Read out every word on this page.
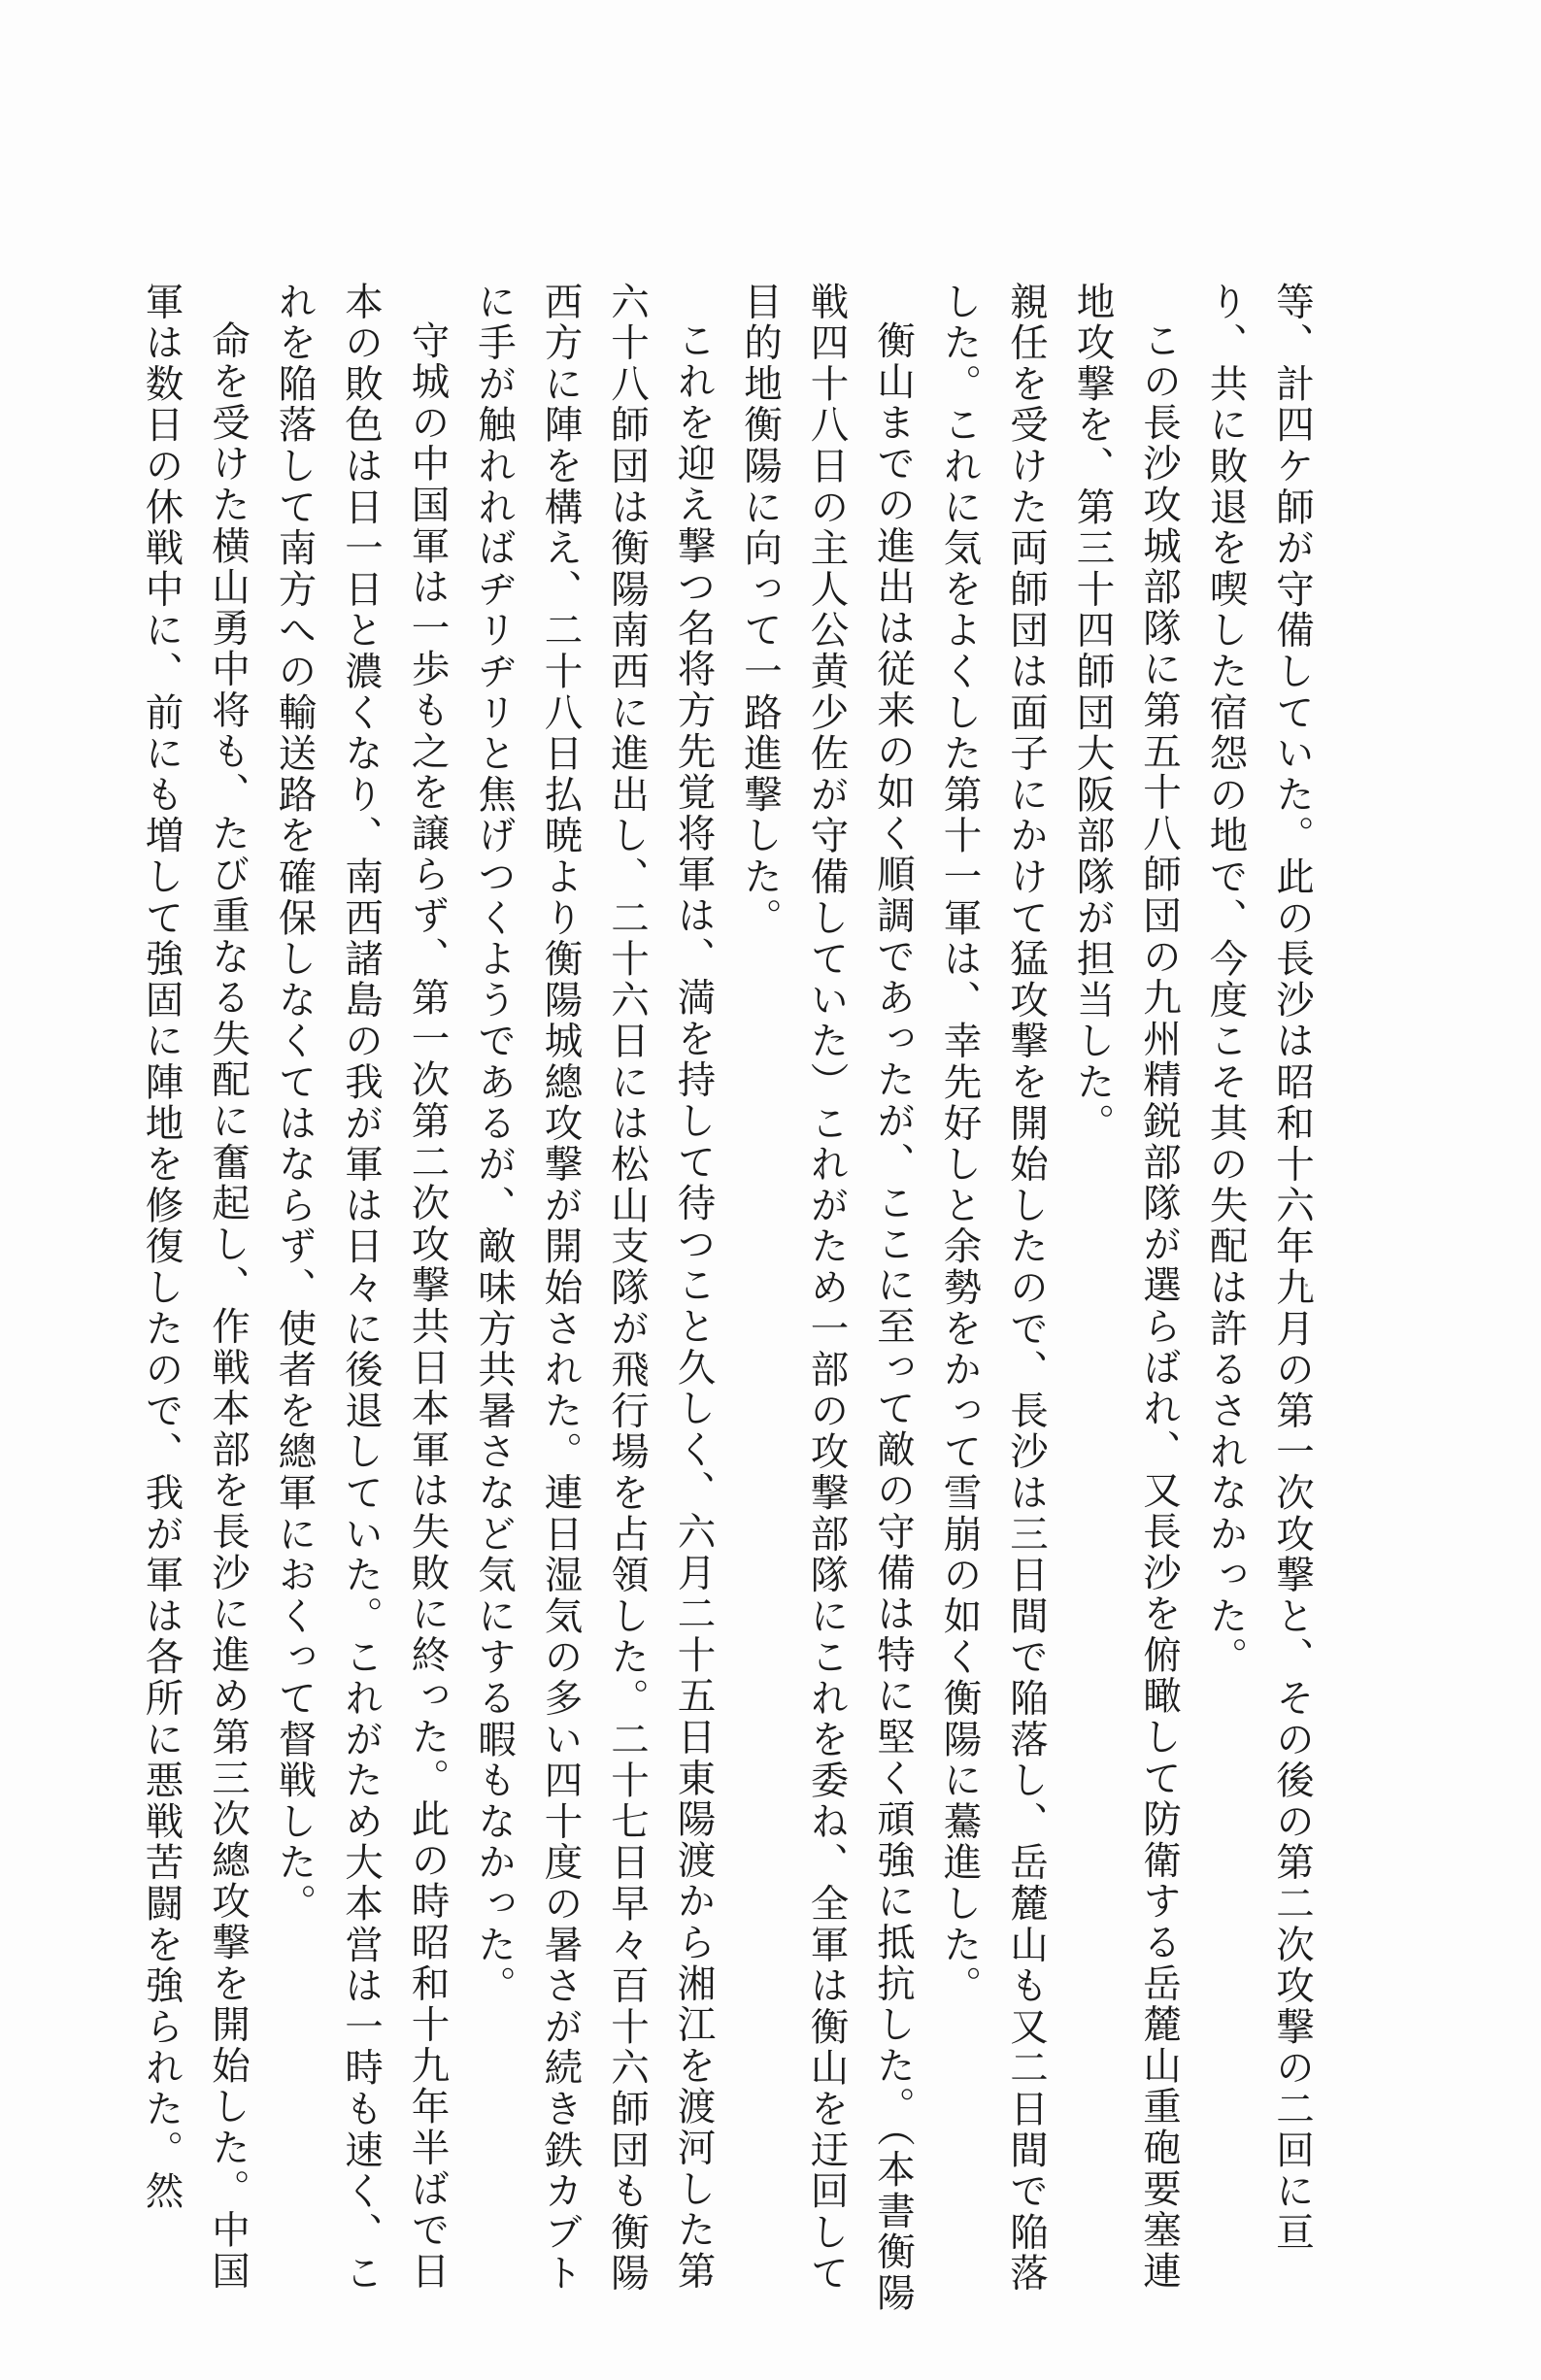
等、計四ケ師が守備していた。此の長沙は昭和十六年九月の第一次攻撃と、その後の第二次攻撃の二回に亘り、共に敗退を喫した宿怨の地で、今度こそ其の失配は許るされなかった。

この長沙攻城部隊に第五十八師団の九州精鋭部隊が選らばれ、又長沙を俯瞰して防衛する岳麓山重砲要塞連地攻撃を、第三十四師団大阪部隊が担当した。

親任を受けた両師団は面子にかけて猛攻撃を開始したので、長沙は三日間で陥落し、岳麓山も又二日間で陥落した。これに気をよくした第十一軍は、幸先好しと余勢をかって雪崩の如く衡陽に驀進した。

衡山までの進出は従来の如く順調であったが、ここに至って敵の守備は特に堅く頑強に抵抗した。（本書衡陽戦四十八日の主人公黄少佐が守備していた）これがため一部の攻撃部隊にこれを委ね、全軍は衡山を迂回して目的地衡陽に向って一路進撃した。

これを迎え撃つ名将方先覚将軍は、満を持して待つこと久しく、六月二十五日東陽渡から湘江を渡河した第六十八師団は衡陽南西に進出し、二十六日には松山支隊が飛行場を占領した。二十七日早々百十六師団も衡陽西方に陣を構え、二十八日払暁より衡陽城總攻撃が開始された。連日湿気の多い四十度の暑さが続き鉄カブトに手が触れればヂリヂリと焦げつくようであるが、敵味方共暑さなど気にする暇もなかった。

守城の中国軍は一歩も之を譲らず、第一次第二次攻撃共日本軍は失敗に終った。此の時昭和十九年半ばで日本の敗色は日一日と濃くなり、南西諸島の我が軍は日々に後退していた。これがため大本営は一時も速く、これを陥落して南方への輸送路を確保しなくてはならず、使者を總軍におくって督戦した。

命を受けた横山勇中将も、たび重なる失配に奮起し、作戦本部を長沙に進め第三次總攻撃を開始した。中国軍は数日の休戦中に、前にも増して強固に陣地を修復したので、我が軍は各所に悪戦苦闘を強られた。然
